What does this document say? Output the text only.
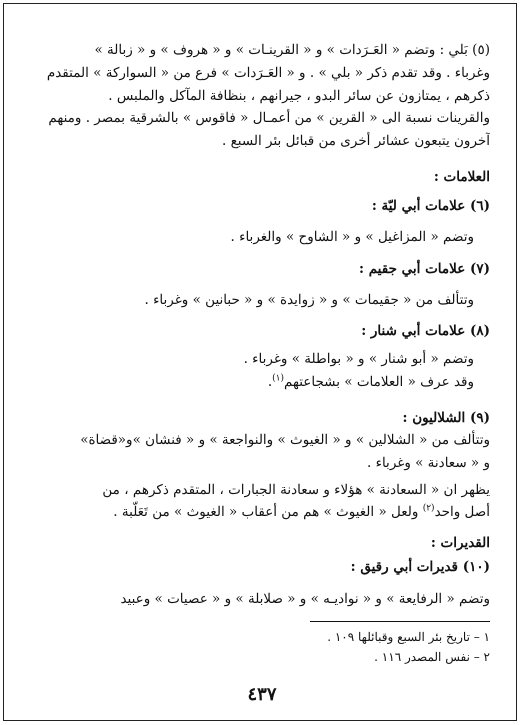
(٥) بَلي : وتضم « العَـرَدات » و « القرينـات » و « هروف » و « زبالة »
وغرباء . وقد تقدم ذكر « بلي » . و « العَـرَدات » فرع من « السواركة » المتقدم
ذكرهم ، يمتازون عن سائر البدو ، جيرانهم ، بنظافة المآكل والملبس .
والقرينات نسبة الى « القرين » من أعمـال « فاقوس » بالشرقية بمصر . ومنهم
آخرون يتبعون عشائر أخرى من قبائل بئر السبع .
العلامات :
(٦) علامات أبي ليّة :
وتضم « المزاغيل » و « الشاوح » والغرباء .
(٧) علامات أبي جقيم :
وتتألف من « جقيمات » و « زوايدة » و « حبانين » وغرباء .
(٨) علامات أبي شنار :
وتضم « أبو شنار » و « بواطلة » وغرباء .
وقد عرف « العلامات » بشجاعتهم$^{(١)}$.
(٩) الشلاليون :
وتتألف من « الشلالين » و « الغيوث » والنواجعة » و « فنشان »و«قضاة»
و « سعادنة » وغرباء .
يظهر ان « السعادنة » هؤلاء و سعادنة الجبارات ، المتقدم ذكرهم ، من
أصل واحد$^{(٢)}$ ولعل « الغيوث » هم من أعقاب « الغيوث » من تَعَلَّبة .
القديرات :
(١٠) قديرات أبي رقيق :
وتضم « الرفايعة » و « نواديـه » و « صلابلة » و « عصيات » وعبيد
١ – تاريخ بئر السبع وقبائلها ١٠٩ .
٢ – نفس المصدر ١١٦ .
٤٣٧
